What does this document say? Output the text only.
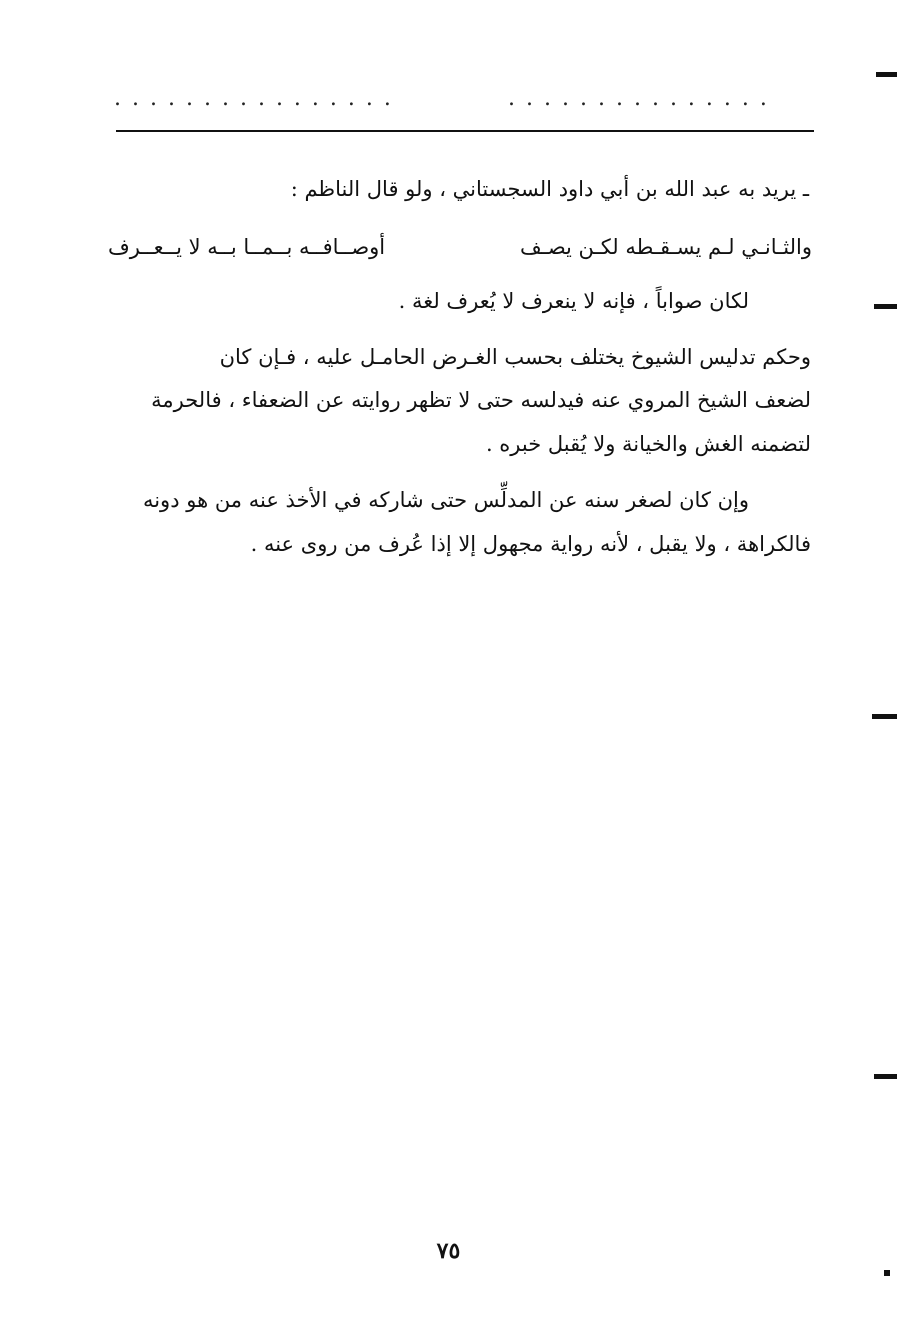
................	...............
ـ يريد به عبد الله بن أبي داود السجستاني ، ولو قال الناظم :
والثـانـي لـم يسـقـطه لكـن يصـف
أوصــافــه بــمــا بــه لا يــعــرف
لكان صواباً ، فإنه لا ينعرف لا يُعرف لغة .
وحكم تدليس الشيوخ يختلف بحسب الغـرض الحامـل عليه ، فـإن كان
لضعف الشيخ المروي عنه فيدلسه حتى لا تظهر روايته عن الضعفاء ، فالحرمة
لتضمنه الغش والخيانة ولا يُقبل خبره .
وإن كان لصغر سنه عن المدلِّس حتى شاركه في الأخذ عنه من هو دونه
فالكراهة ، ولا يقبل ، لأنه رواية مجهول إلا إذا عُرف من روى عنه .
٧٥
